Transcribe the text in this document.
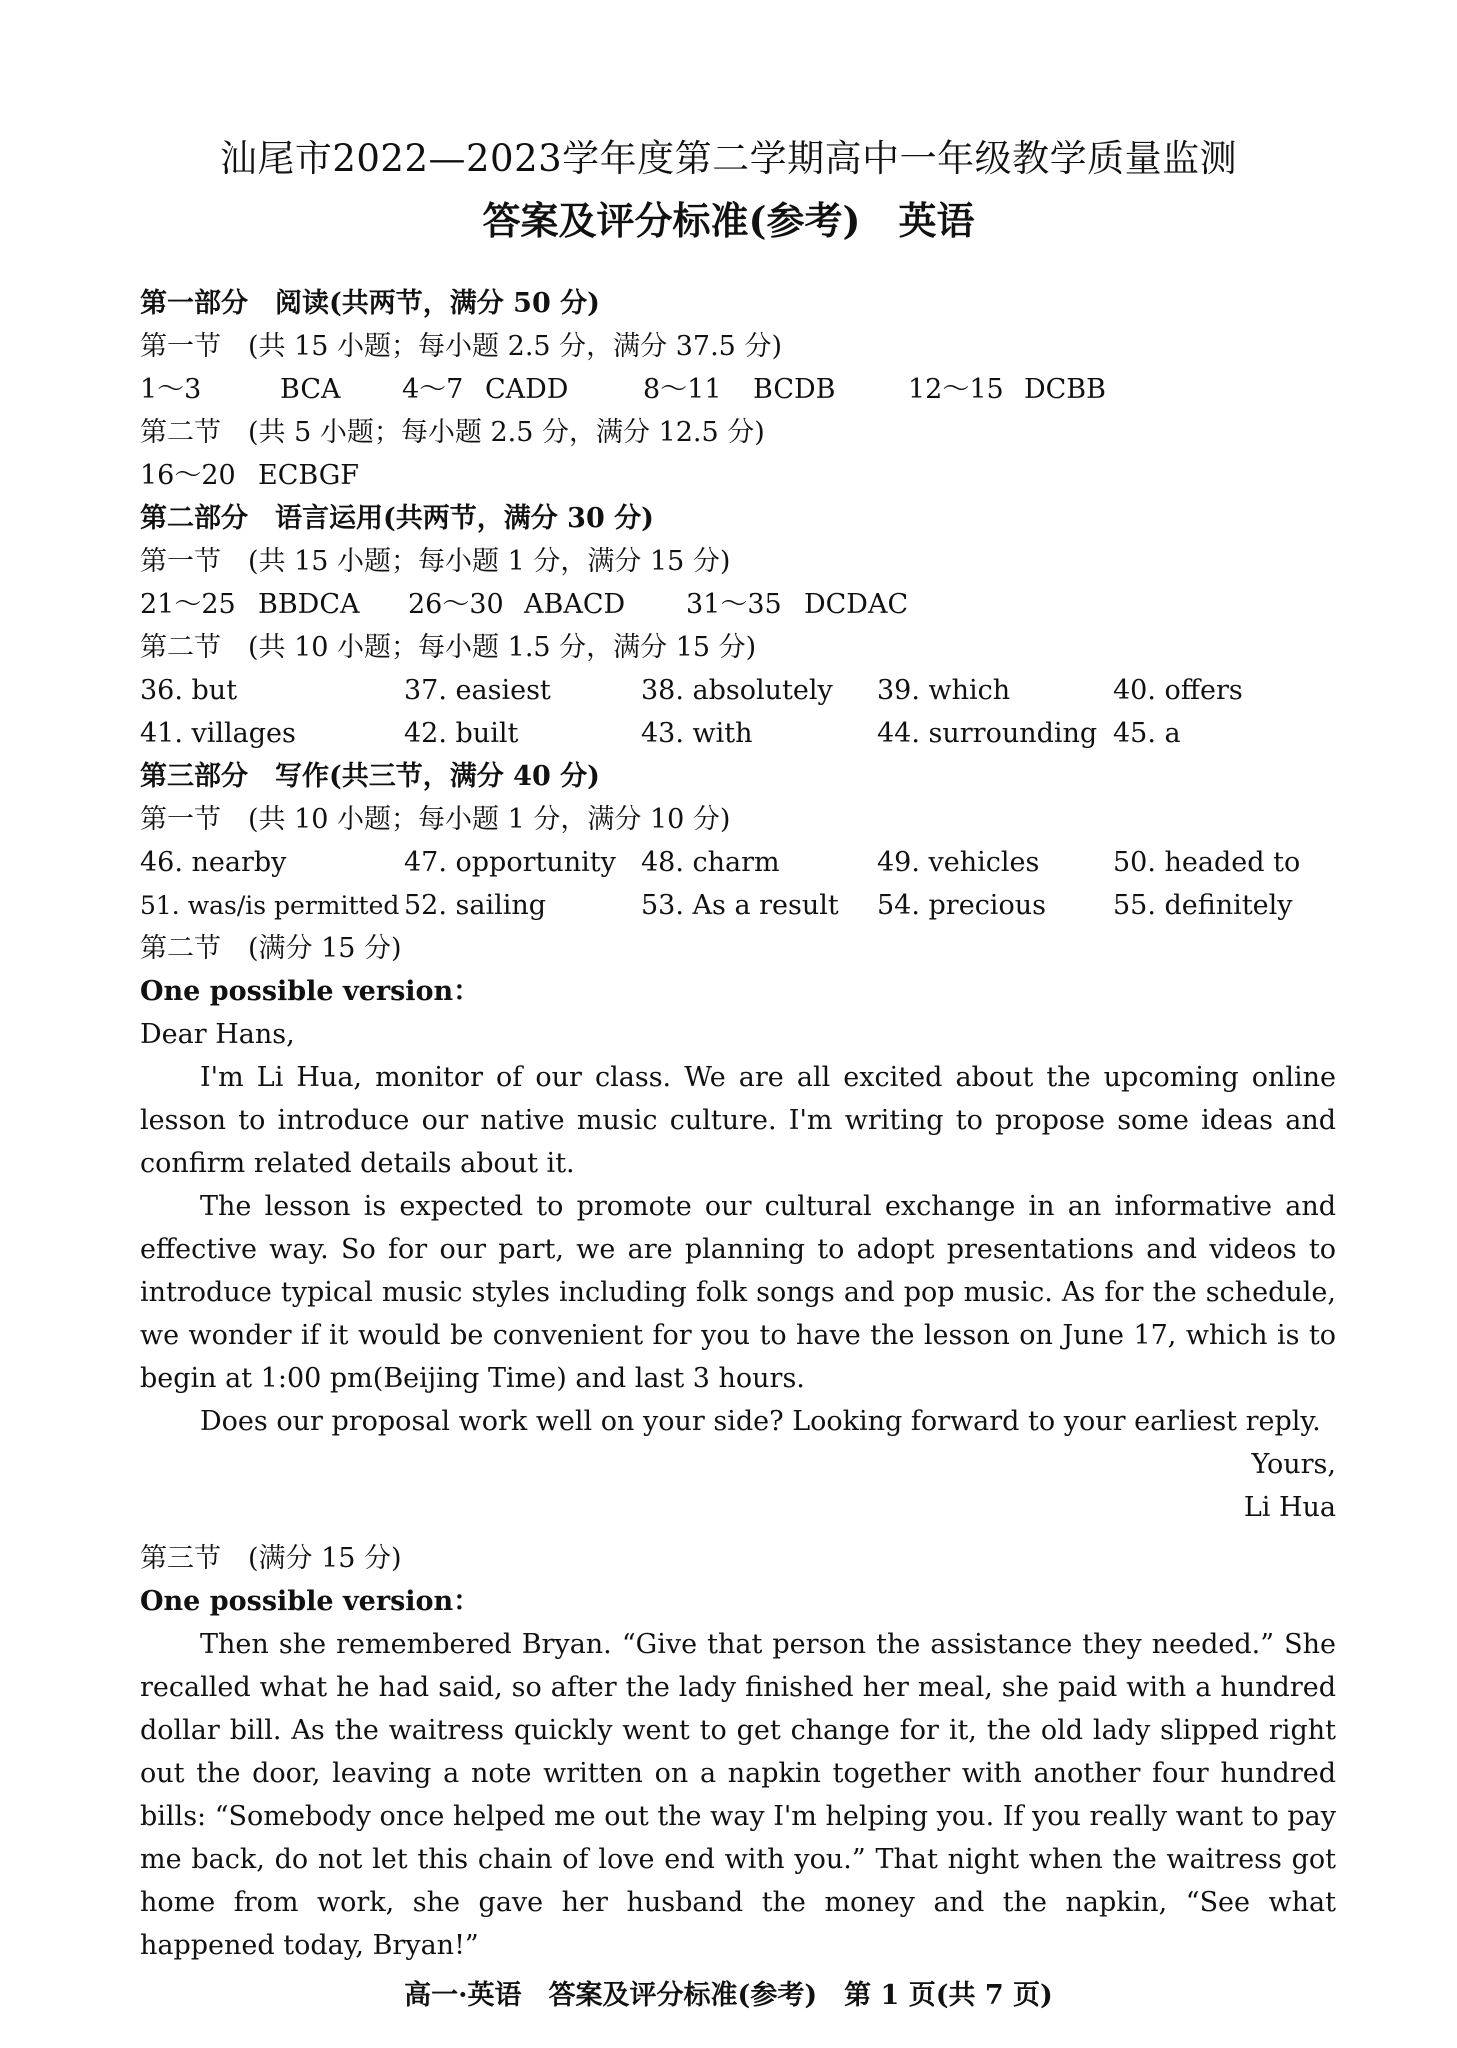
汕尾市2022—2023学年度第二学期高中一年级教学质量监测
答案及评分标准(参考)　英语
第一部分　阅读(共两节，满分 50 分)
第一节　(共 15 小题；每小题 2.5 分，满分 37.5 分)
1～3	BCA 4～7 CADD	8～11 BCDB	12～15 DCBB
第二节　(共 5 小题；每小题 2.5 分，满分 12.5 分)
16～20 ECBGF
第二部分　语言运用(共两节，满分 30 分)
第一节　(共 15 小题；每小题 1 分，满分 15 分)
21～25 BBDCA 26～30 ABACD 31～35 DCDAC
第二节　(共 10 小题；每小题 1.5 分，满分 15 分)
36. but	37. easiest	38. absolutely	39. which	40. offers
41. villages	42. built	43. with	44. surrounding 45. a
第三部分　写作(共三节，满分 40 分)
第一节　(共 10 小题；每小题 1 分，满分 10 分)
46. nearby	47. opportunity 48. charm	49. vehicles	50. headed to
51. was/is permitted 52. sailing	53. As a result	54. precious	55. definitely
第二节　(满分 15 分)
One possible version：
Dear Hans,

I'm Li Hua, monitor of our class. We are all excited about the upcoming online lesson to introduce our native music culture. I'm writing to propose some ideas and confirm related details about it.

The lesson is expected to promote our cultural exchange in an informative and effective way. So for our part, we are planning to adopt presentations and videos to introduce typical music styles including folk songs and pop music. As for the schedule, we wonder if it would be convenient for you to have the lesson on June 17, which is to begin at 1:00 pm(Beijing Time) and last 3 hours.

Does our proposal work well on your side? Looking forward to your earliest reply.

Yours,
Li Hua
第三节　(满分 15 分)
One possible version：

Then she remembered Bryan. “Give that person the assistance they needed.” She recalled what he had said, so after the lady finished her meal, she paid with a hundred dollar bill. As the waitress quickly went to get change for it, the old lady slipped right out the door, leaving a note written on a napkin together with another four hundred bills: “Somebody once helped me out the way I'm helping you. If you really want to pay me back, do not let this chain of love end with you.” That night when the waitress got home from work, she gave her husband the money and the napkin, “See what happened today, Bryan!”

高一·英语　答案及评分标准(参考)　第 1 页(共 7 页)
